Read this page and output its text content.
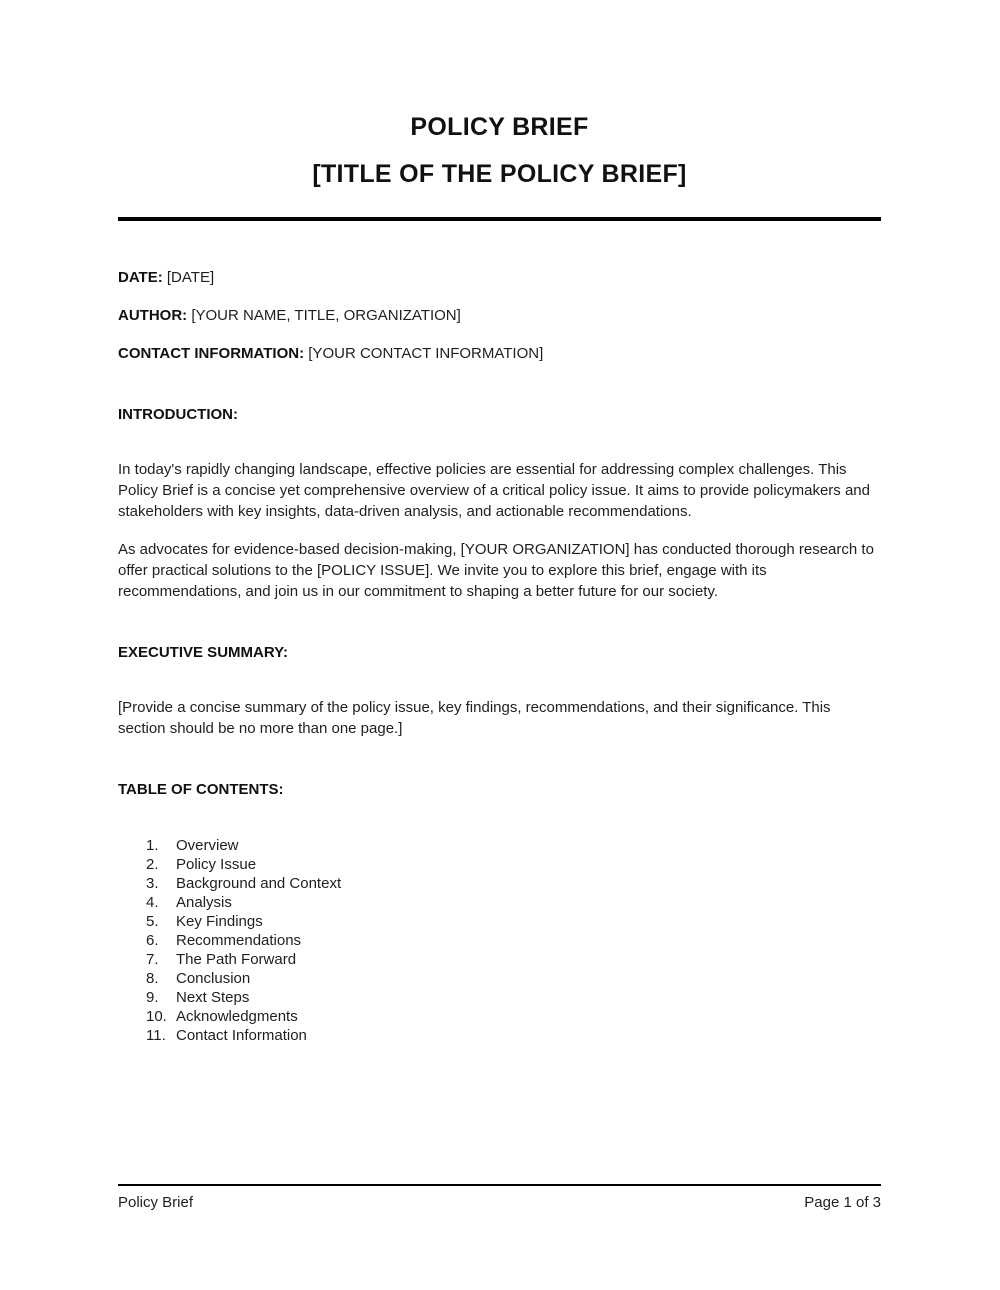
POLICY BRIEF
[TITLE OF THE POLICY BRIEF]

DATE: [DATE]

AUTHOR: [YOUR NAME, TITLE, ORGANIZATION]

CONTACT INFORMATION: [YOUR CONTACT INFORMATION]

INTRODUCTION:

In today's rapidly changing landscape, effective policies are essential for addressing complex challenges. This Policy Brief is a concise yet comprehensive overview of a critical policy issue. It aims to provide policymakers and stakeholders with key insights, data-driven analysis, and actionable recommendations.

As advocates for evidence-based decision-making, [YOUR ORGANIZATION] has conducted thorough research to offer practical solutions to the [POLICY ISSUE]. We invite you to explore this brief, engage with its recommendations, and join us in our commitment to shaping a better future for our society.

EXECUTIVE SUMMARY:

[Provide a concise summary of the policy issue, key findings, recommendations, and their significance. This section should be no more than one page.]

TABLE OF CONTENTS:
1.	Overview
2.	Policy Issue
3.	Background and Context
4.	Analysis
5.	Key Findings
6.	Recommendations
7.	The Path Forward
8.	Conclusion
9.	Next Steps
10. Acknowledgments
11. Contact Information
Policy Brief	Page 1 of 3
